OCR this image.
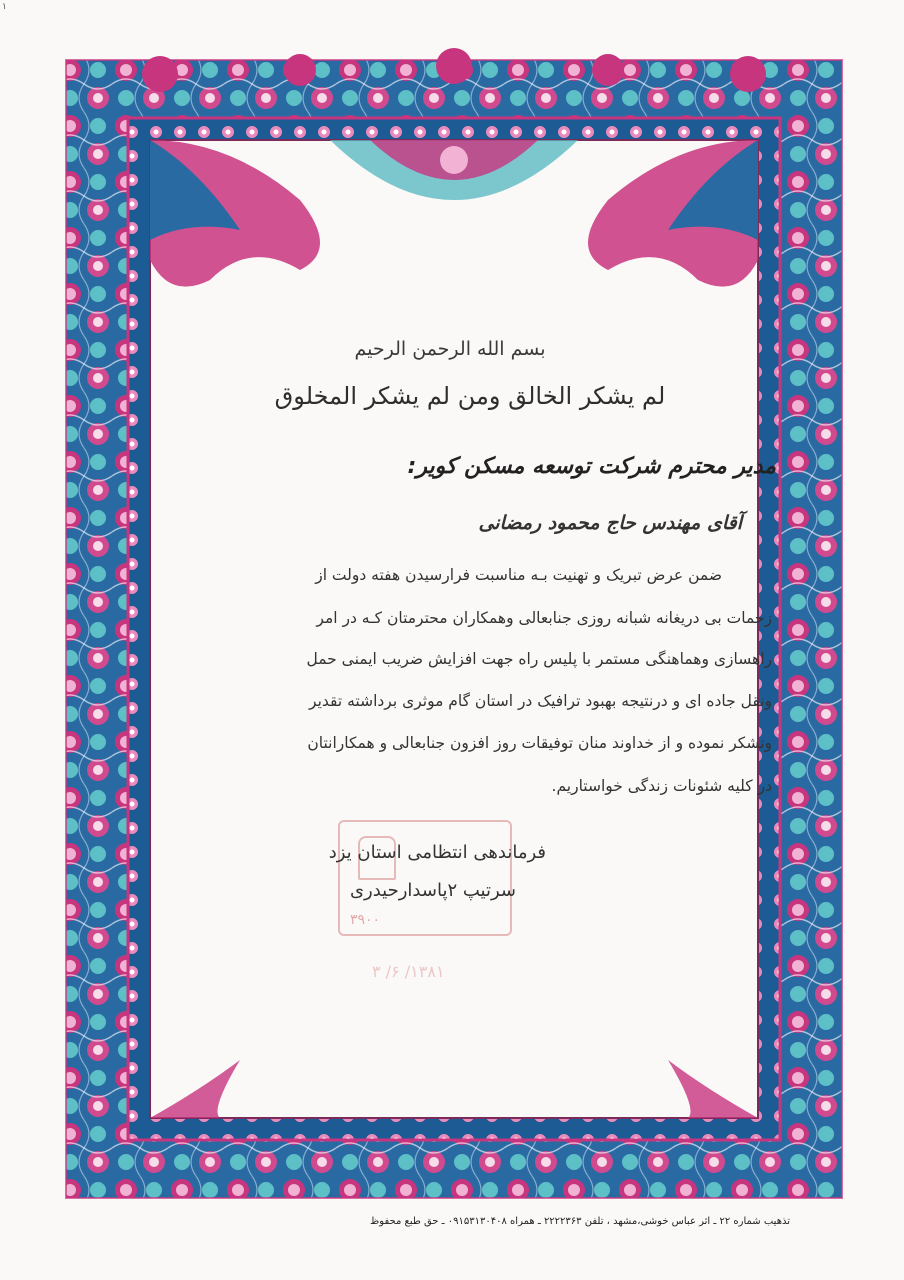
۱
۳۹۰۰
۱۳۸۱/ ۶/ ۳
بسم الله الرحمن الرحيم
لم يشكر الخالق ومن لم يشكر المخلوق
مدیر محترم شرکت توسعه مسکن کویر:
آقای مهندس حاج محمود رمضانی
ضمن عرض تبریک و تهنیت بـه مناسبت فرارسیدن هفته دولت از
زحمات بی دریغانه شبانه روزی جنابعالی وهمکاران محترمتان کـه در امر
راهسازی وهماهنگی مستمر با پلیس راه جهت افزایش ضریب ایمنی حمل
ونقل جاده ای و درنتیجه بهبود ترافیک در استان گام موثری برداشته تقدیر
وتشکر نموده و از خداوند منان توفیقات روز افزون جنابعالی و همکارانتان
در کلیه شئونات زندگی خواستاریم.
فرماندهی انتظامی استان یزد
سرتیپ ۲پاسدارحیدری
تذهیب شماره ۲۲ ـ اثر عباس خوشی،مشهد ، تلفن ۲۲۲۲۳۶۳ ـ همراه ۰۹۱۵۳۱۳۰۴۰۸ ـ حق طبع محفوظ
